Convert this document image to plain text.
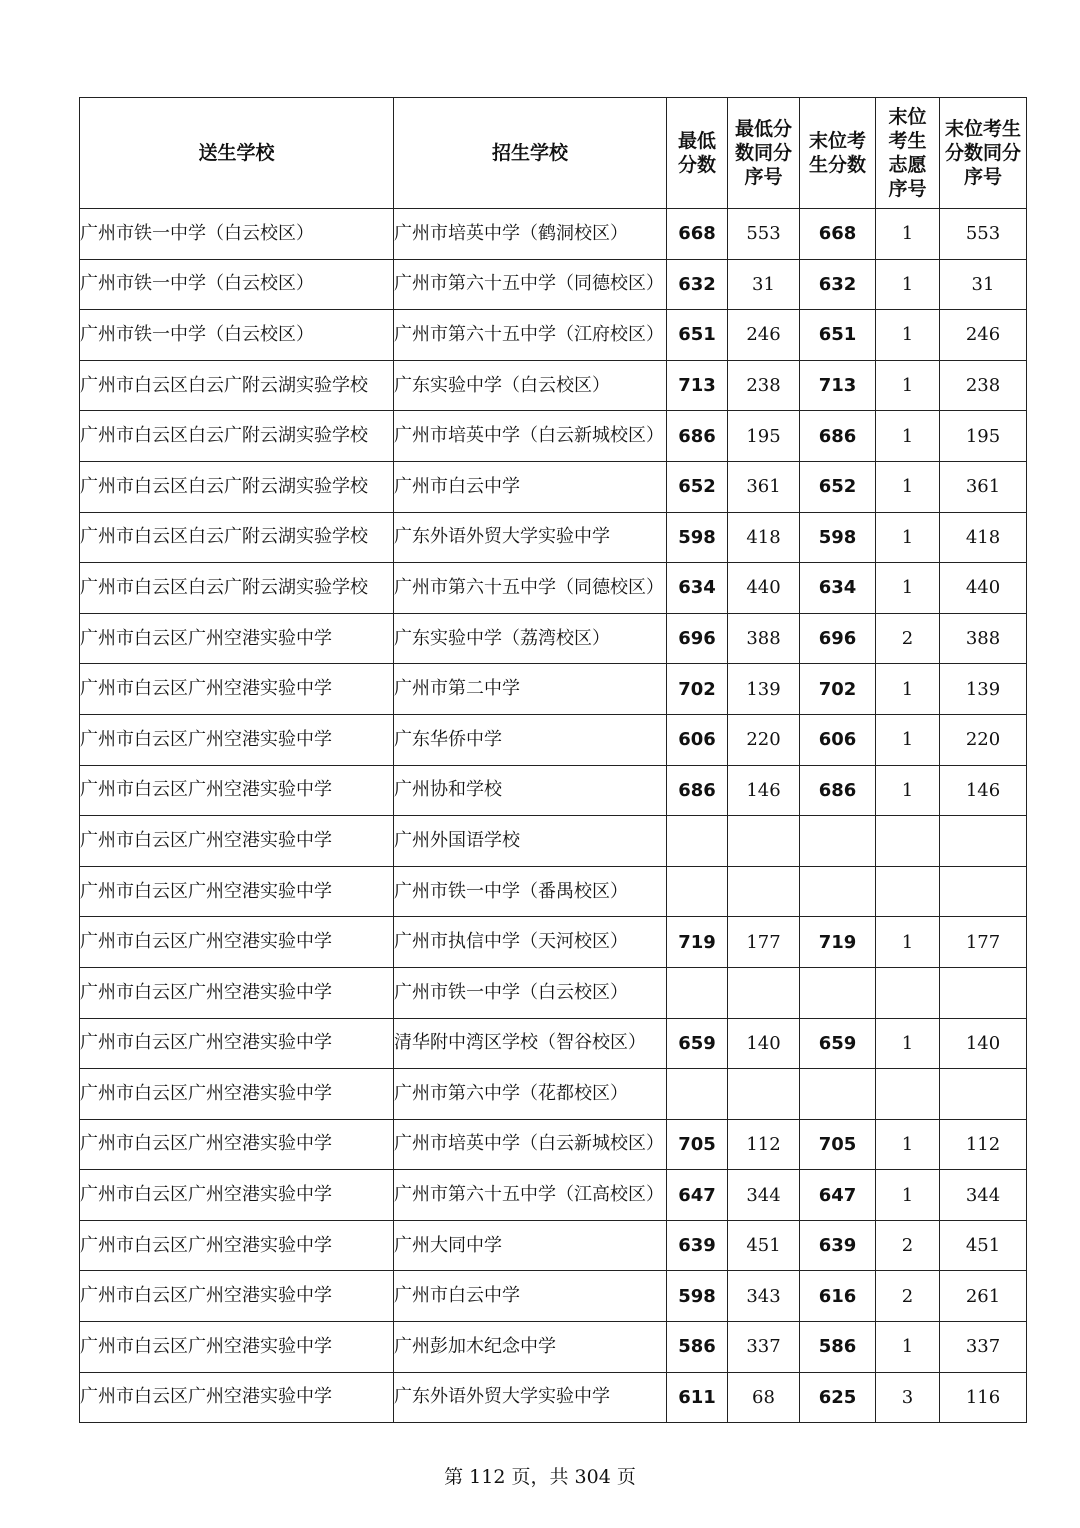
送生学校	招生学校	最低分数	最低分数同分序号	末位考生分数	末位考生志愿序号	末位考生分数同分序号
广州市铁一中学（白云校区）	广州市培英中学（鹤洞校区）	668	553	668	1	553
广州市铁一中学（白云校区）	广州市第六十五中学（同德校区）	632	31	632	1	31
广州市铁一中学（白云校区）	广州市第六十五中学（江府校区）	651	246	651	1	246
广州市白云区白云广附云湖实验学校	广东实验中学（白云校区）	713	238	713	1	238
广州市白云区白云广附云湖实验学校	广州市培英中学（白云新城校区）	686	195	686	1	195
广州市白云区白云广附云湖实验学校	广州市白云中学	652	361	652	1	361
广州市白云区白云广附云湖实验学校	广东外语外贸大学实验中学	598	418	598	1	418
广州市白云区白云广附云湖实验学校	广州市第六十五中学（同德校区）	634	440	634	1	440
广州市白云区广州空港实验中学	广东实验中学（荔湾校区）	696	388	696	2	388
广州市白云区广州空港实验中学	广州市第二中学	702	139	702	1	139
广州市白云区广州空港实验中学	广东华侨中学	606	220	606	1	220
广州市白云区广州空港实验中学	广州协和学校	686	146	686	1	146
广州市白云区广州空港实验中学	广州外国语学校					
广州市白云区广州空港实验中学	广州市铁一中学（番禺校区）					
广州市白云区广州空港实验中学	广州市执信中学（天河校区）	719	177	719	1	177
广州市白云区广州空港实验中学	广州市铁一中学（白云校区）					
广州市白云区广州空港实验中学	清华附中湾区学校（智谷校区）	659	140	659	1	140
广州市白云区广州空港实验中学	广州市第六中学（花都校区）					
广州市白云区广州空港实验中学	广州市培英中学（白云新城校区）	705	112	705	1	112
广州市白云区广州空港实验中学	广州市第六十五中学（江高校区）	647	344	647	1	344
广州市白云区广州空港实验中学	广州大同中学	639	451	639	2	451
广州市白云区广州空港实验中学	广州市白云中学	598	343	616	2	261
广州市白云区广州空港实验中学	广州彭加木纪念中学	586	337	586	1	337
广州市白云区广州空港实验中学	广东外语外贸大学实验中学	611	68	625	3	116
第 112 页，共 304 页
